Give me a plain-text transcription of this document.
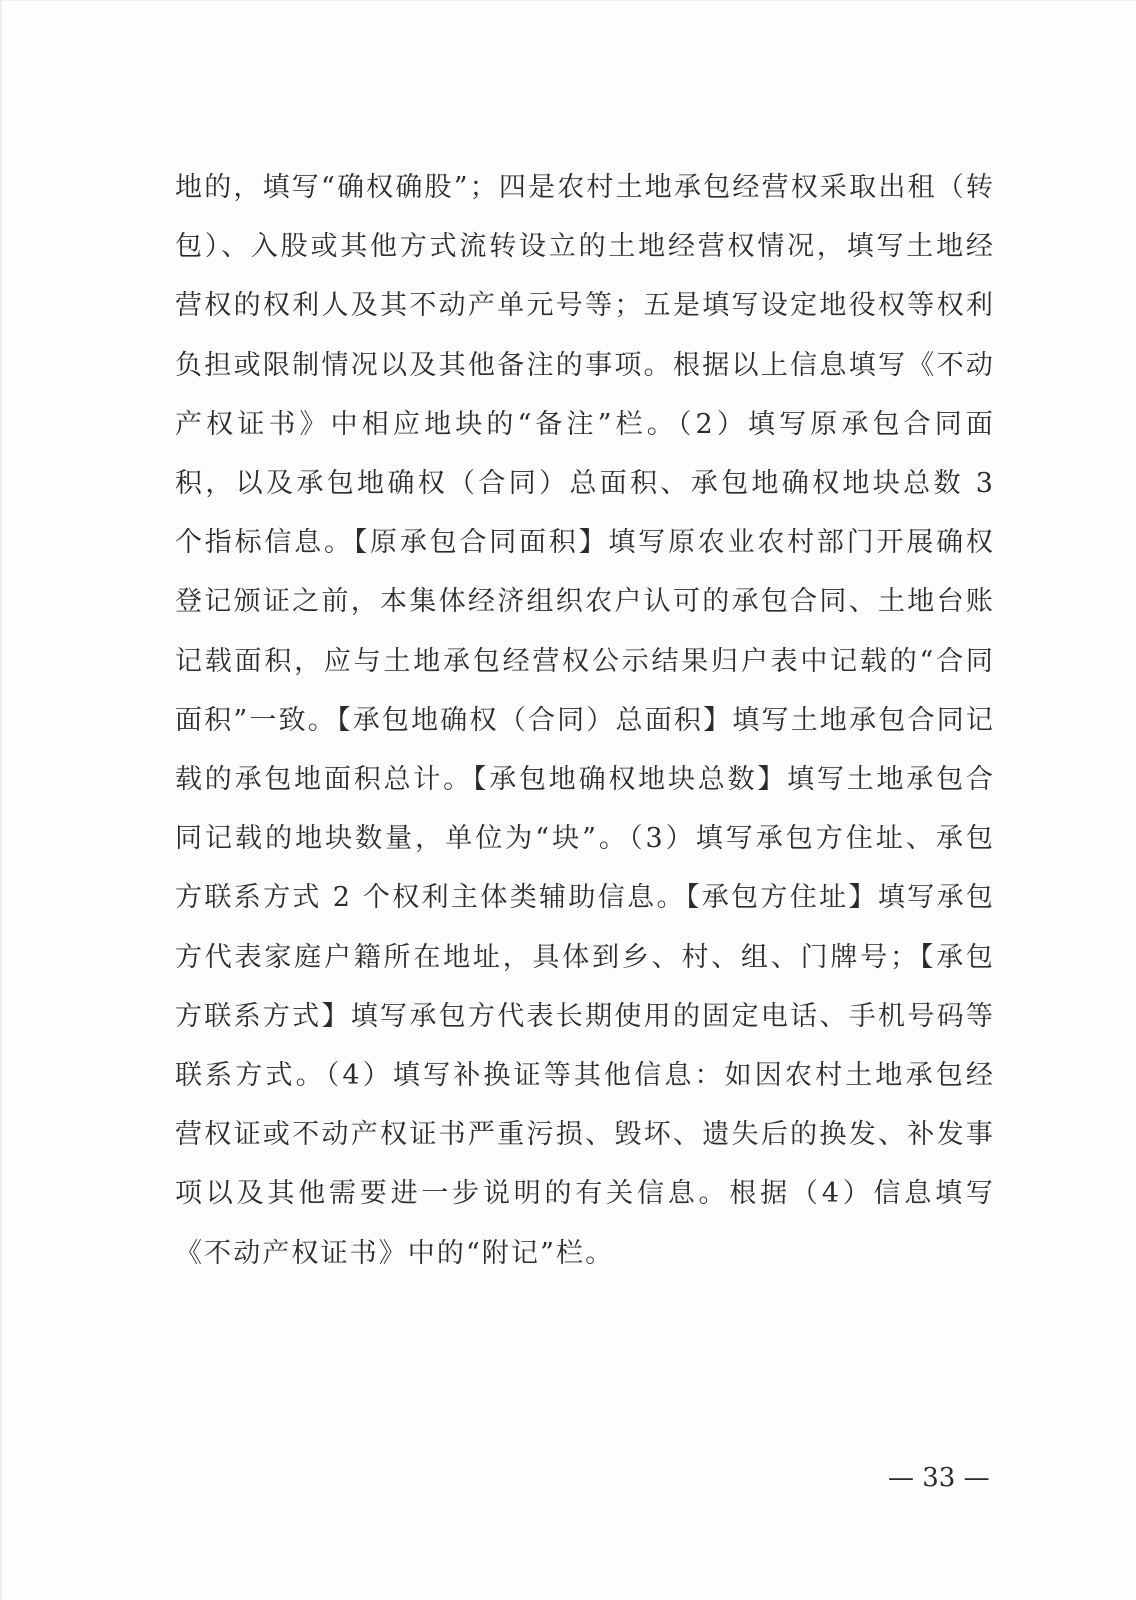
地的，填写“确权确股”；四是农村土地承包经营权采取出租（转包）、入股或其他方式流转设立的土地经营权情况，填写土地经营权的权利人及其不动产单元号等；五是填写设定地役权等权利负担或限制情况以及其他备注的事项。根据以上信息填写《不动产权证书》中相应地块的“备注”栏。（2）填写原承包合同面积，以及承包地确权（合同）总面积、承包地确权地块总数 3 个指标信息。【原承包合同面积】填写原农业农村部门开展确权登记颁证之前，本集体经济组织农户认可的承包合同、土地台账记载面积，应与土地承包经营权公示结果归户表中记载的“合同面积”一致。【承包地确权（合同）总面积】填写土地承包合同记载的承包地面积总计。【承包地确权地块总数】填写土地承包合同记载的地块数量，单位为“块”。（3）填写承包方住址、承包方联系方式 2 个权利主体类辅助信息。【承包方住址】填写承包方代表家庭户籍所在地址，具体到乡、村、组、门牌号；【承包方联系方式】填写承包方代表长期使用的固定电话、手机号码等联系方式。（4）填写补换证等其他信息：如因农村土地承包经营权证或不动产权证书严重污损、毁坏、遗失后的换发、补发事项以及其他需要进一步说明的有关信息。根据（4）信息填写《不动产权证书》中的“附记”栏。

— 33 —
